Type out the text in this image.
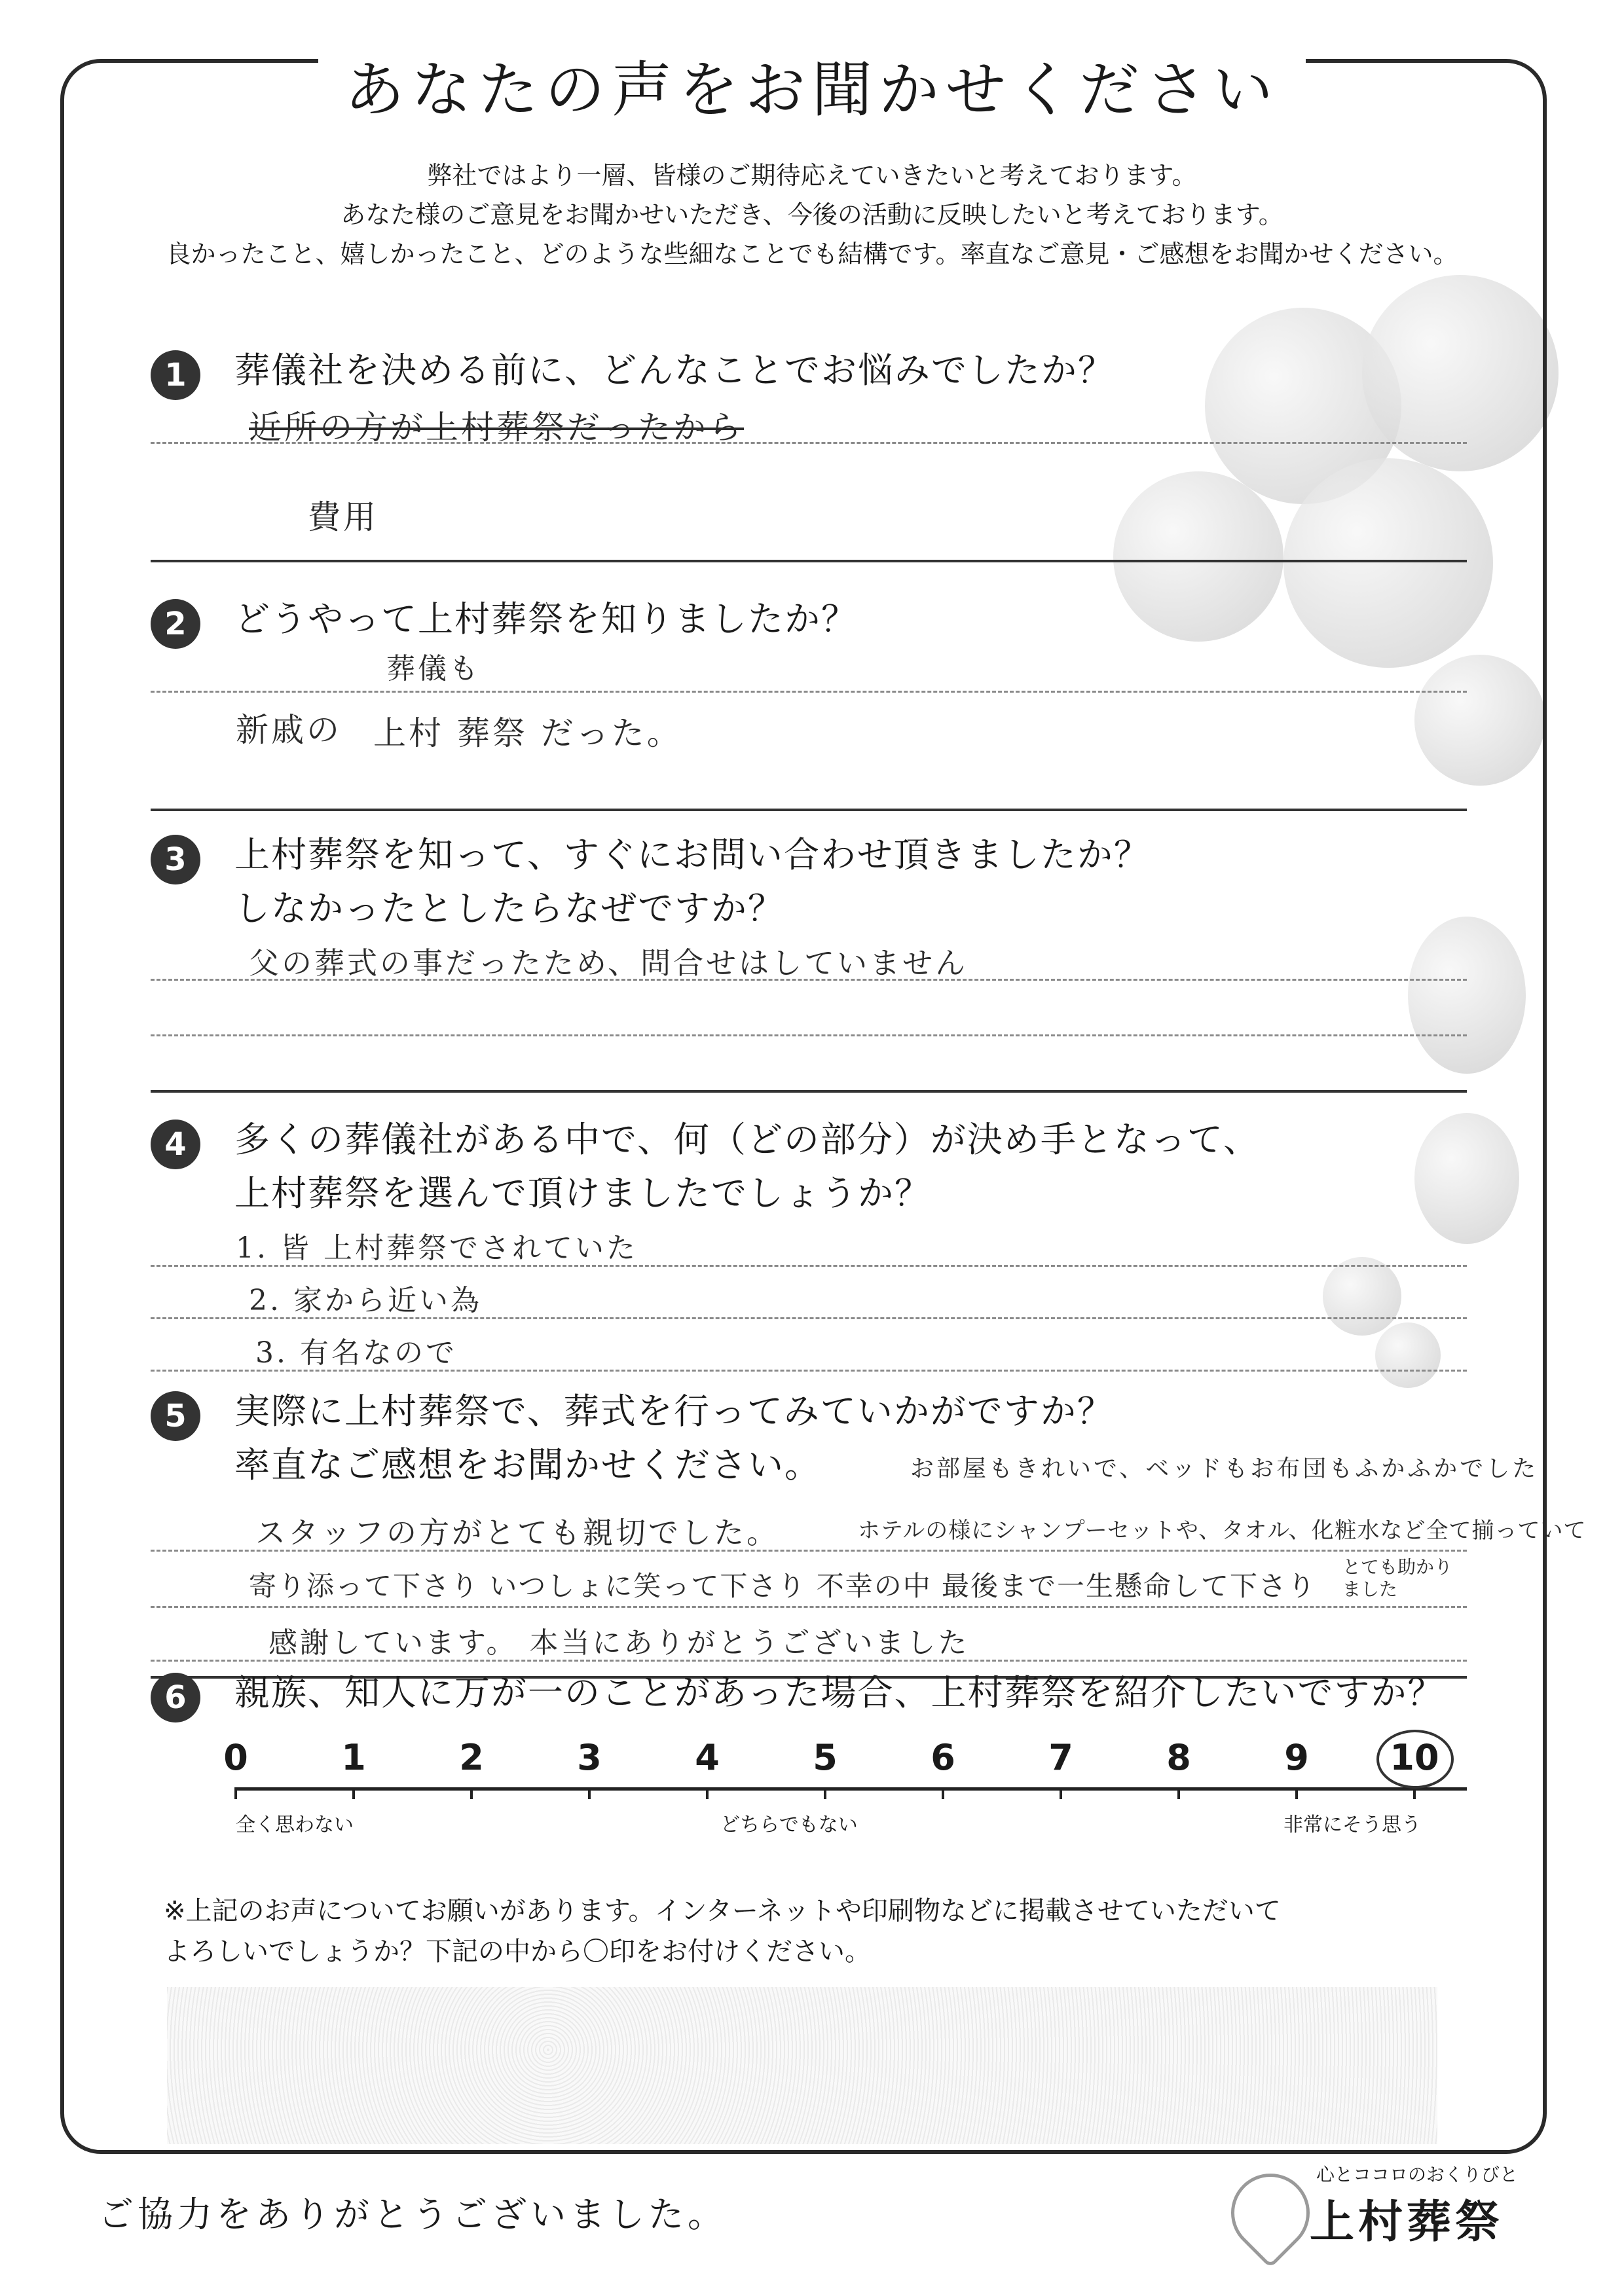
あなたの声をお聞かせください
弊社ではより一層、皆様のご期待応えていきたいと考えております。
あなた様のご意見をお聞かせいただき、今後の活動に反映したいと考えております。
良かったこと、嬉しかったこと、どのような些細なことでも結構です。率直なご意見・ご感想をお聞かせください。
1	葬儀社を決める前に、どんなことでお悩みでしたか？
近所の方が上村葬祭だったから
費用
2	どうやって上村葬祭を知りましたか？
葬儀も
新戚の 上村 葬祭 だった。
3	上村葬祭を知って、すぐにお問い合わせ頂きましたか？
しなかったとしたらなぜですか？
父の葬式の事だったため、問合せはしていません
4	多くの葬儀社がある中で、何（どの部分）が決め手となって、
上村葬祭を選んで頂けましたでしょうか？
1. 皆 上村葬祭でされていた
2. 家から近い為
3. 有名なので
5	実際に上村葬祭で、葬式を行ってみていかがですか？
率直なご感想をお聞かせください。	お部屋もきれいで、ベッドもお布団もふかふかでした
スタッフの方がとても親切でした。	ホテルの様にシャンプーセットや、タオル、化粧水など全て揃っていて
寄り添って下さり いつしょに笑って下さり 不幸の中 最後まで一生懸命して下さり
とても助かりました
感謝しています。 本当にありがとうございました
6	親族、知人に万が一のことがあった場合、上村葬祭を紹介したいですか？
0	1	2	3	4	5	6	7	8	9	10
全く思わない	どちらでもない	非常にそう思う
※上記のお声についてお願いがあります。インターネットや印刷物などに掲載させていただいて
よろしいでしょうか？下記の中から〇印をお付けください。
ご協力をありがとうございました。
心とココロのおくりびと
上村葬祭
